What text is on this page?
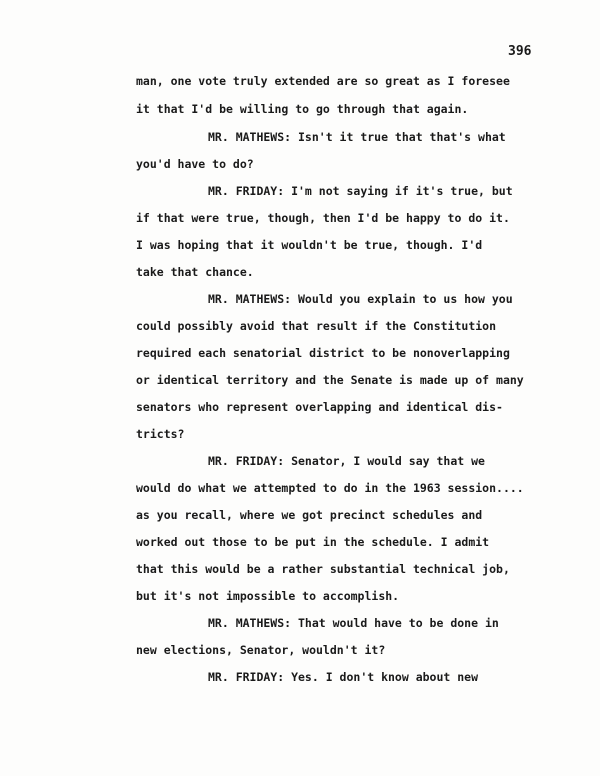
396
man, one vote truly extended are so great as I foresee
it that I'd be willing to go through that again.
MR. MATHEWS: Isn't it true that that's what
you'd have to do?
MR. FRIDAY: I'm not saying if it's true, but
if that were true, though, then I'd be happy to do it.
I was hoping that it wouldn't be true, though. I'd
take that chance.
MR. MATHEWS: Would you explain to us how you
could possibly avoid that result if the Constitution
required each senatorial district to be nonoverlapping
or identical territory and the Senate is made up of many
senators who represent overlapping and identical dis-
tricts?
MR. FRIDAY: Senator, I would say that we
would do what we attempted to do in the 1963 session....
as you recall, where we got precinct schedules and
worked out those to be put in the schedule. I admit
that this would be a rather substantial technical job,
but it's not impossible to accomplish.
MR. MATHEWS: That would have to be done in
new elections, Senator, wouldn't it?
MR. FRIDAY: Yes. I don't know about new
